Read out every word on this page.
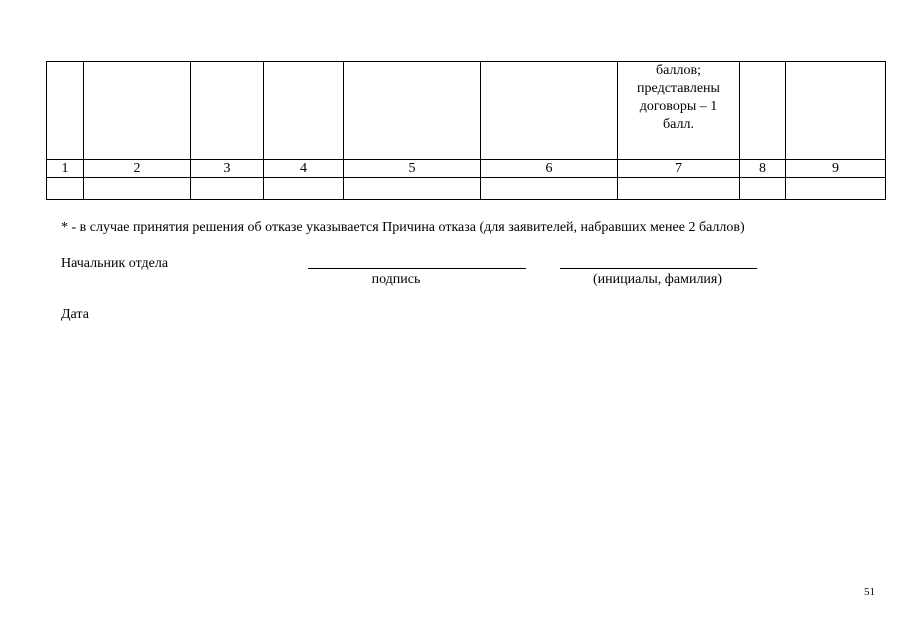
						баллов;
представлены
договоры – 1
балл.		
1	2	3	4	5	6	7	8	9

* - в случае принятия решения об отказе указывается Причина отказа (для заявителей, набравших менее 2 баллов)
Начальник отдела
подпись	(инициалы, фамилия)
Дата
51
